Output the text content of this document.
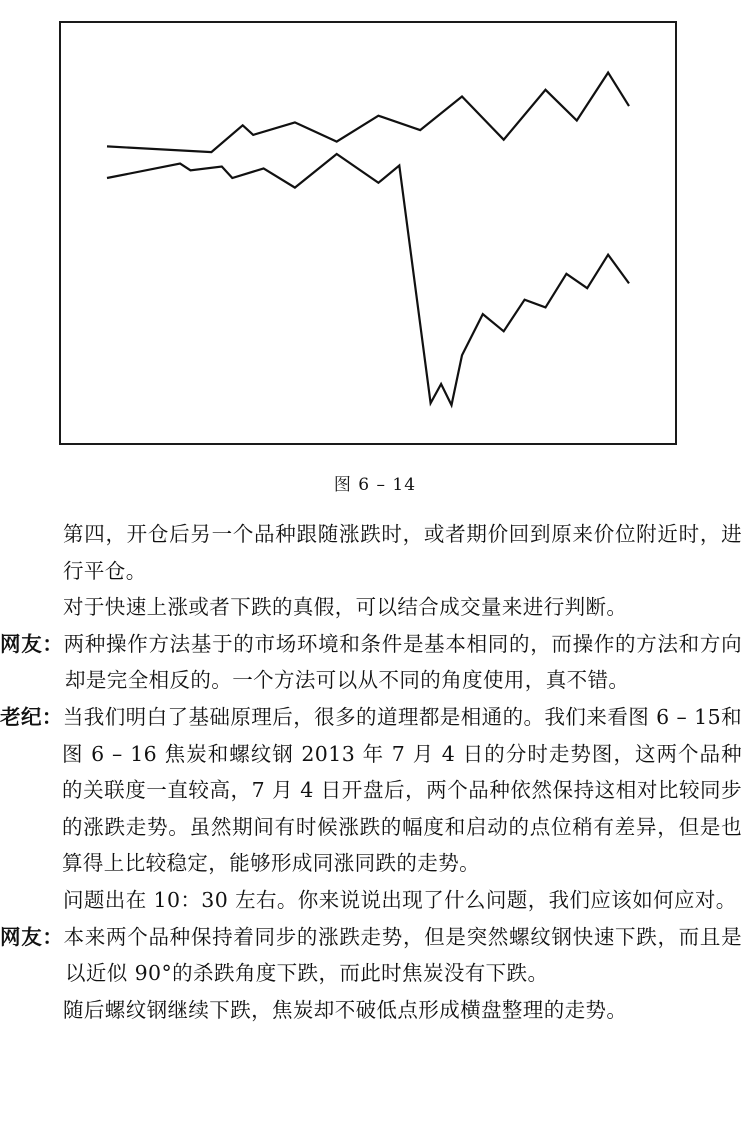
图 6 – 14

第四，开仓后另一个品种跟随涨跌时，或者期价回到原来价位附近时，进行平仓。

对于快速上涨或者下跌的真假，可以结合成交量来进行判断。

网友：两种操作方法基于的市场环境和条件是基本相同的，而操作的方法和方向却是完全相反的。一个方法可以从不同的角度使用，真不错。

老纪：当我们明白了基础原理后，很多的道理都是相通的。我们来看图 6 – 15和图 6 – 16 焦炭和螺纹钢 2013 年 7 月 4 日的分时走势图，这两个品种的关联度一直较高，7 月 4 日开盘后，两个品种依然保持这相对比较同步的涨跌走势。虽然期间有时候涨跌的幅度和启动的点位稍有差异，但是也算得上比较稳定，能够形成同涨同跌的走势。

问题出在 10：30 左右。你来说说出现了什么问题，我们应该如何应对。

网友：本来两个品种保持着同步的涨跌走势，但是突然螺纹钢快速下跌，而且是以近似 90°的杀跌角度下跌，而此时焦炭没有下跌。

随后螺纹钢继续下跌，焦炭却不破低点形成横盘整理的走势。
